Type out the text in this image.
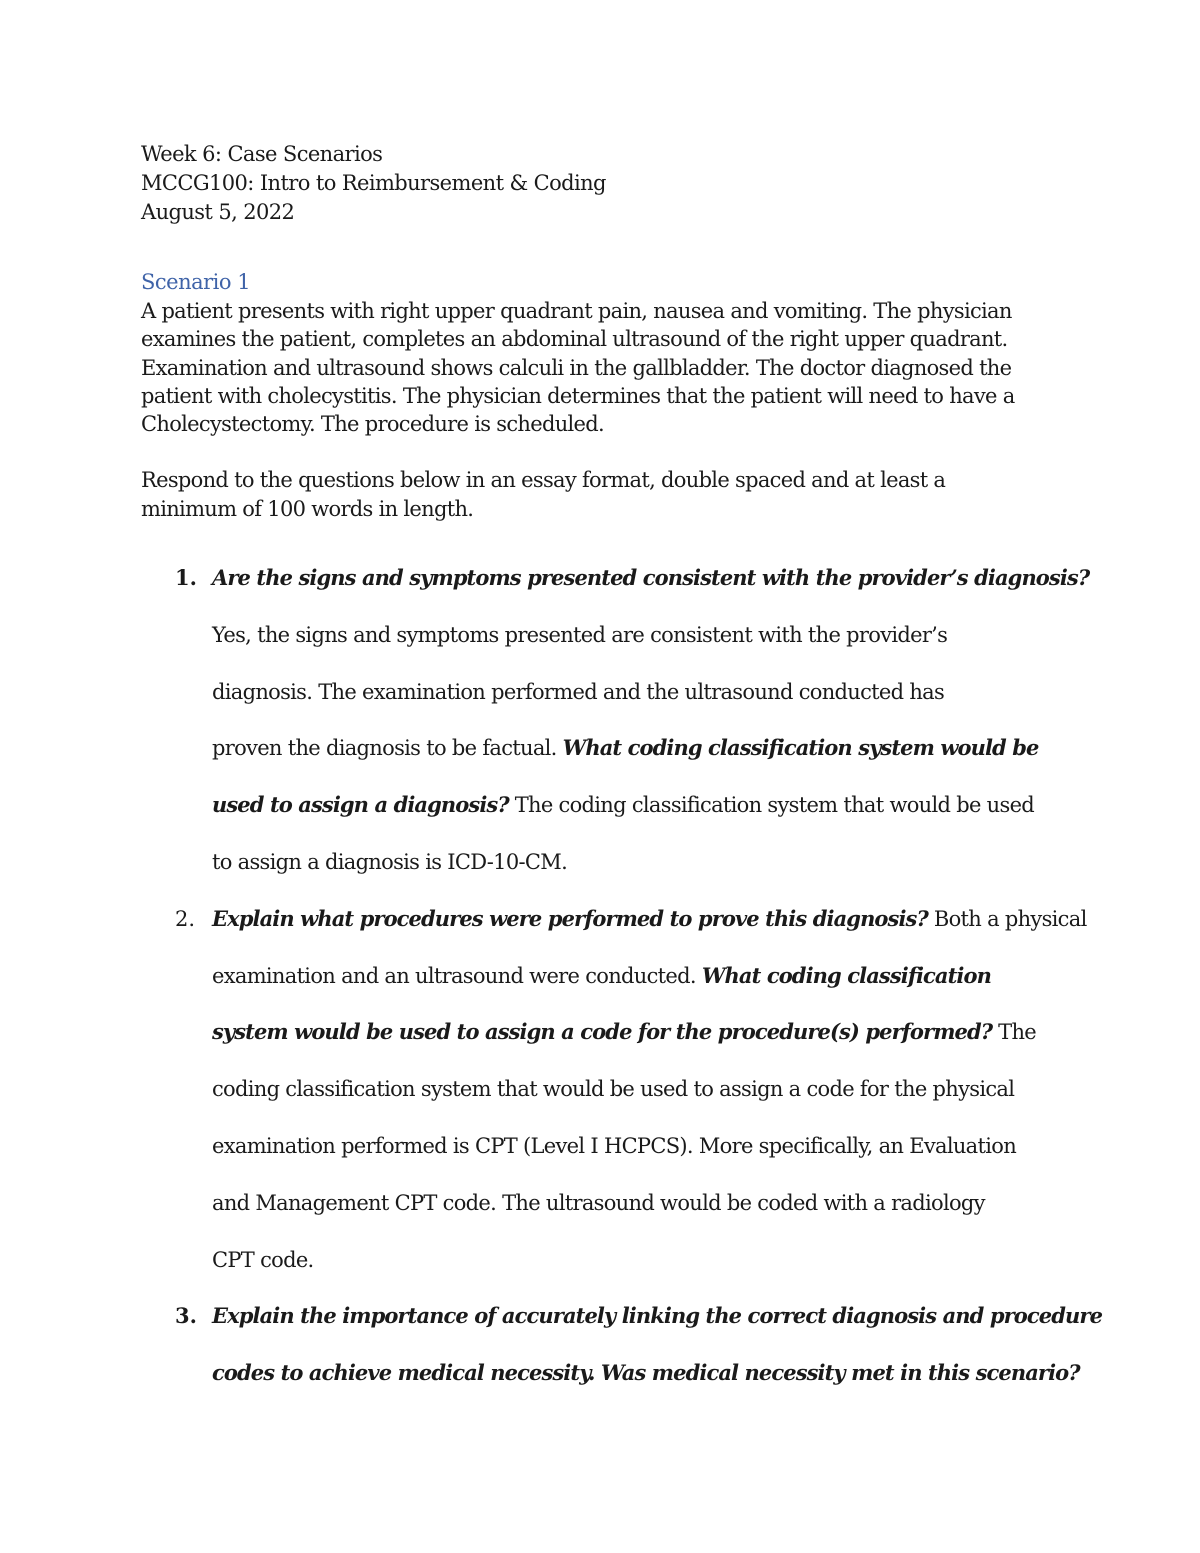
Week 6: Case Scenarios
MCCG100: Intro to Reimbursement & Coding
August 5, 2022
Scenario 1
A patient presents with right upper quadrant pain, nausea and vomiting. The physician
examines the patient, completes an abdominal ultrasound of the right upper quadrant.
Examination and ultrasound shows calculi in the gallbladder. The doctor diagnosed the
patient with cholecystitis. The physician determines that the patient will need to have a
Cholecystectomy. The procedure is scheduled.
Respond to the questions below in an essay format, double spaced and at least a
minimum of 100 words in length.
1. Are the signs and symptoms presented consistent with the provider’s diagnosis?
Yes, the signs and symptoms presented are consistent with the provider’s
diagnosis. The examination performed and the ultrasound conducted has
proven the diagnosis to be factual. What coding classification system would be
used to assign a diagnosis? The coding classification system that would be used
to assign a diagnosis is ICD-10-CM.
2. Explain what procedures were performed to prove this diagnosis? Both a physical
examination and an ultrasound were conducted. What coding classification
system would be used to assign a code for the procedure(s) performed? The
coding classification system that would be used to assign a code for the physical
examination performed is CPT (Level I HCPCS). More specifically, an Evaluation
and Management CPT code. The ultrasound would be coded with a radiology
CPT code.
3. Explain the importance of accurately linking the correct diagnosis and procedure
codes to achieve medical necessity. Was medical necessity met in this scenario?
